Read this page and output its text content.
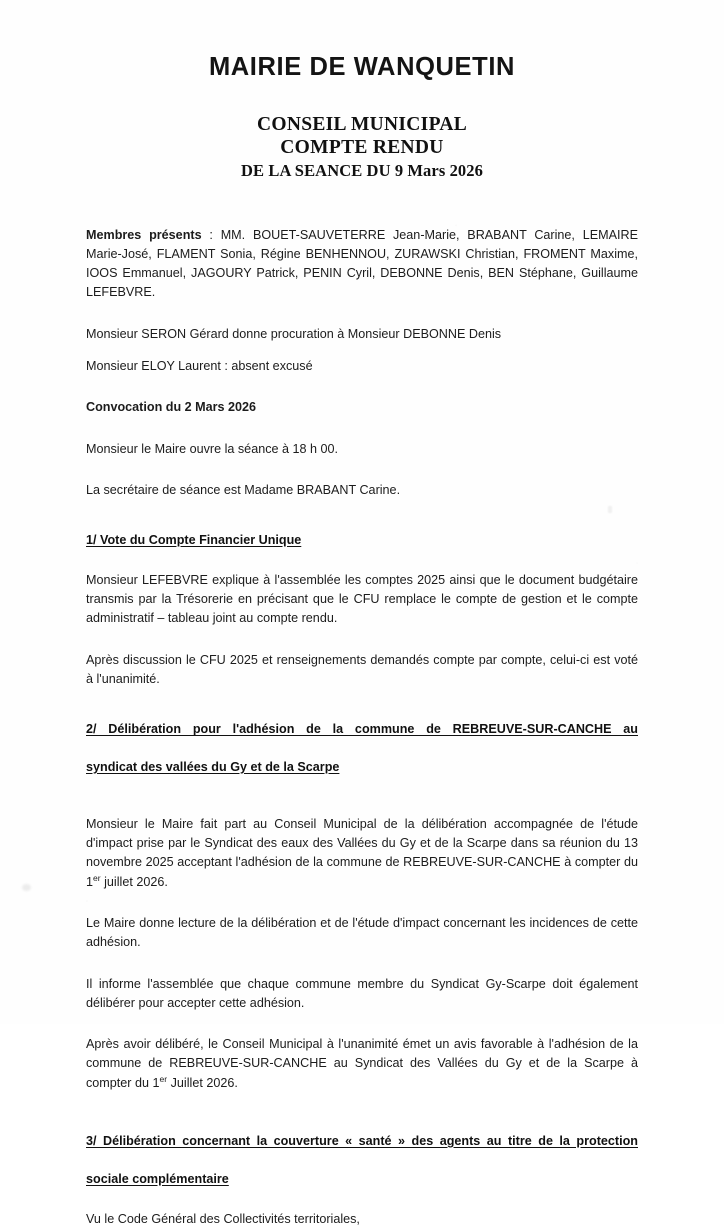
MAIRIE DE WANQUETIN
CONSEIL MUNICIPAL
COMPTE RENDU
DE LA SEANCE DU 9 Mars 2026

Membres présents : MM. BOUET-SAUVETERRE Jean-Marie, BRABANT Carine, LEMAIRE Marie-José, FLAMENT Sonia, Régine BENHENNOU, ZURAWSKI Christian, FROMENT Maxime, IOOS Emmanuel, JAGOURY Patrick, PENIN Cyril, DEBONNE Denis, BEN Stéphane, Guillaume LEFEBVRE.

Monsieur SERON Gérard donne procuration à Monsieur DEBONNE Denis

Monsieur ELOY Laurent : absent excusé

Convocation du 2 Mars 2026

Monsieur le Maire ouvre la séance à 18 h 00.

La secrétaire de séance est Madame BRABANT Carine.

1/ Vote du Compte Financier Unique

Monsieur LEFEBVRE explique à l'assemblée les comptes 2025 ainsi que le document budgétaire transmis par la Trésorerie en précisant que le CFU remplace le compte de gestion et le compte administratif – tableau joint au compte rendu.

Après discussion le CFU 2025 et renseignements demandés compte par compte, celui-ci est voté à l'unanimité.

2/ Délibération pour l'adhésion de la commune de REBREUVE-SUR-CANCHE au
syndicat des vallées du Gy et de la Scarpe

Monsieur le Maire fait part au Conseil Municipal de la délibération accompagnée de l'étude d'impact prise par le Syndicat des eaux des Vallées du Gy et de la Scarpe dans sa réunion du 13 novembre 2025 acceptant l'adhésion de la commune de REBREUVE-SUR-CANCHE à compter du 1er juillet 2026.

Le Maire donne lecture de la délibération et de l'étude d'impact concernant les incidences de cette adhésion.

Il informe l'assemblée que chaque commune membre du Syndicat Gy-Scarpe doit également délibérer pour accepter cette adhésion.

Après avoir délibéré, le Conseil Municipal à l'unanimité émet un avis favorable à l'adhésion de la commune de REBREUVE-SUR-CANCHE au Syndicat des Vallées du Gy et de la Scarpe à compter du 1er Juillet 2026.

3/ Délibération concernant la couverture « santé » des agents au titre de la protection
sociale complémentaire

Vu le Code Général des Collectivités territoriales,
